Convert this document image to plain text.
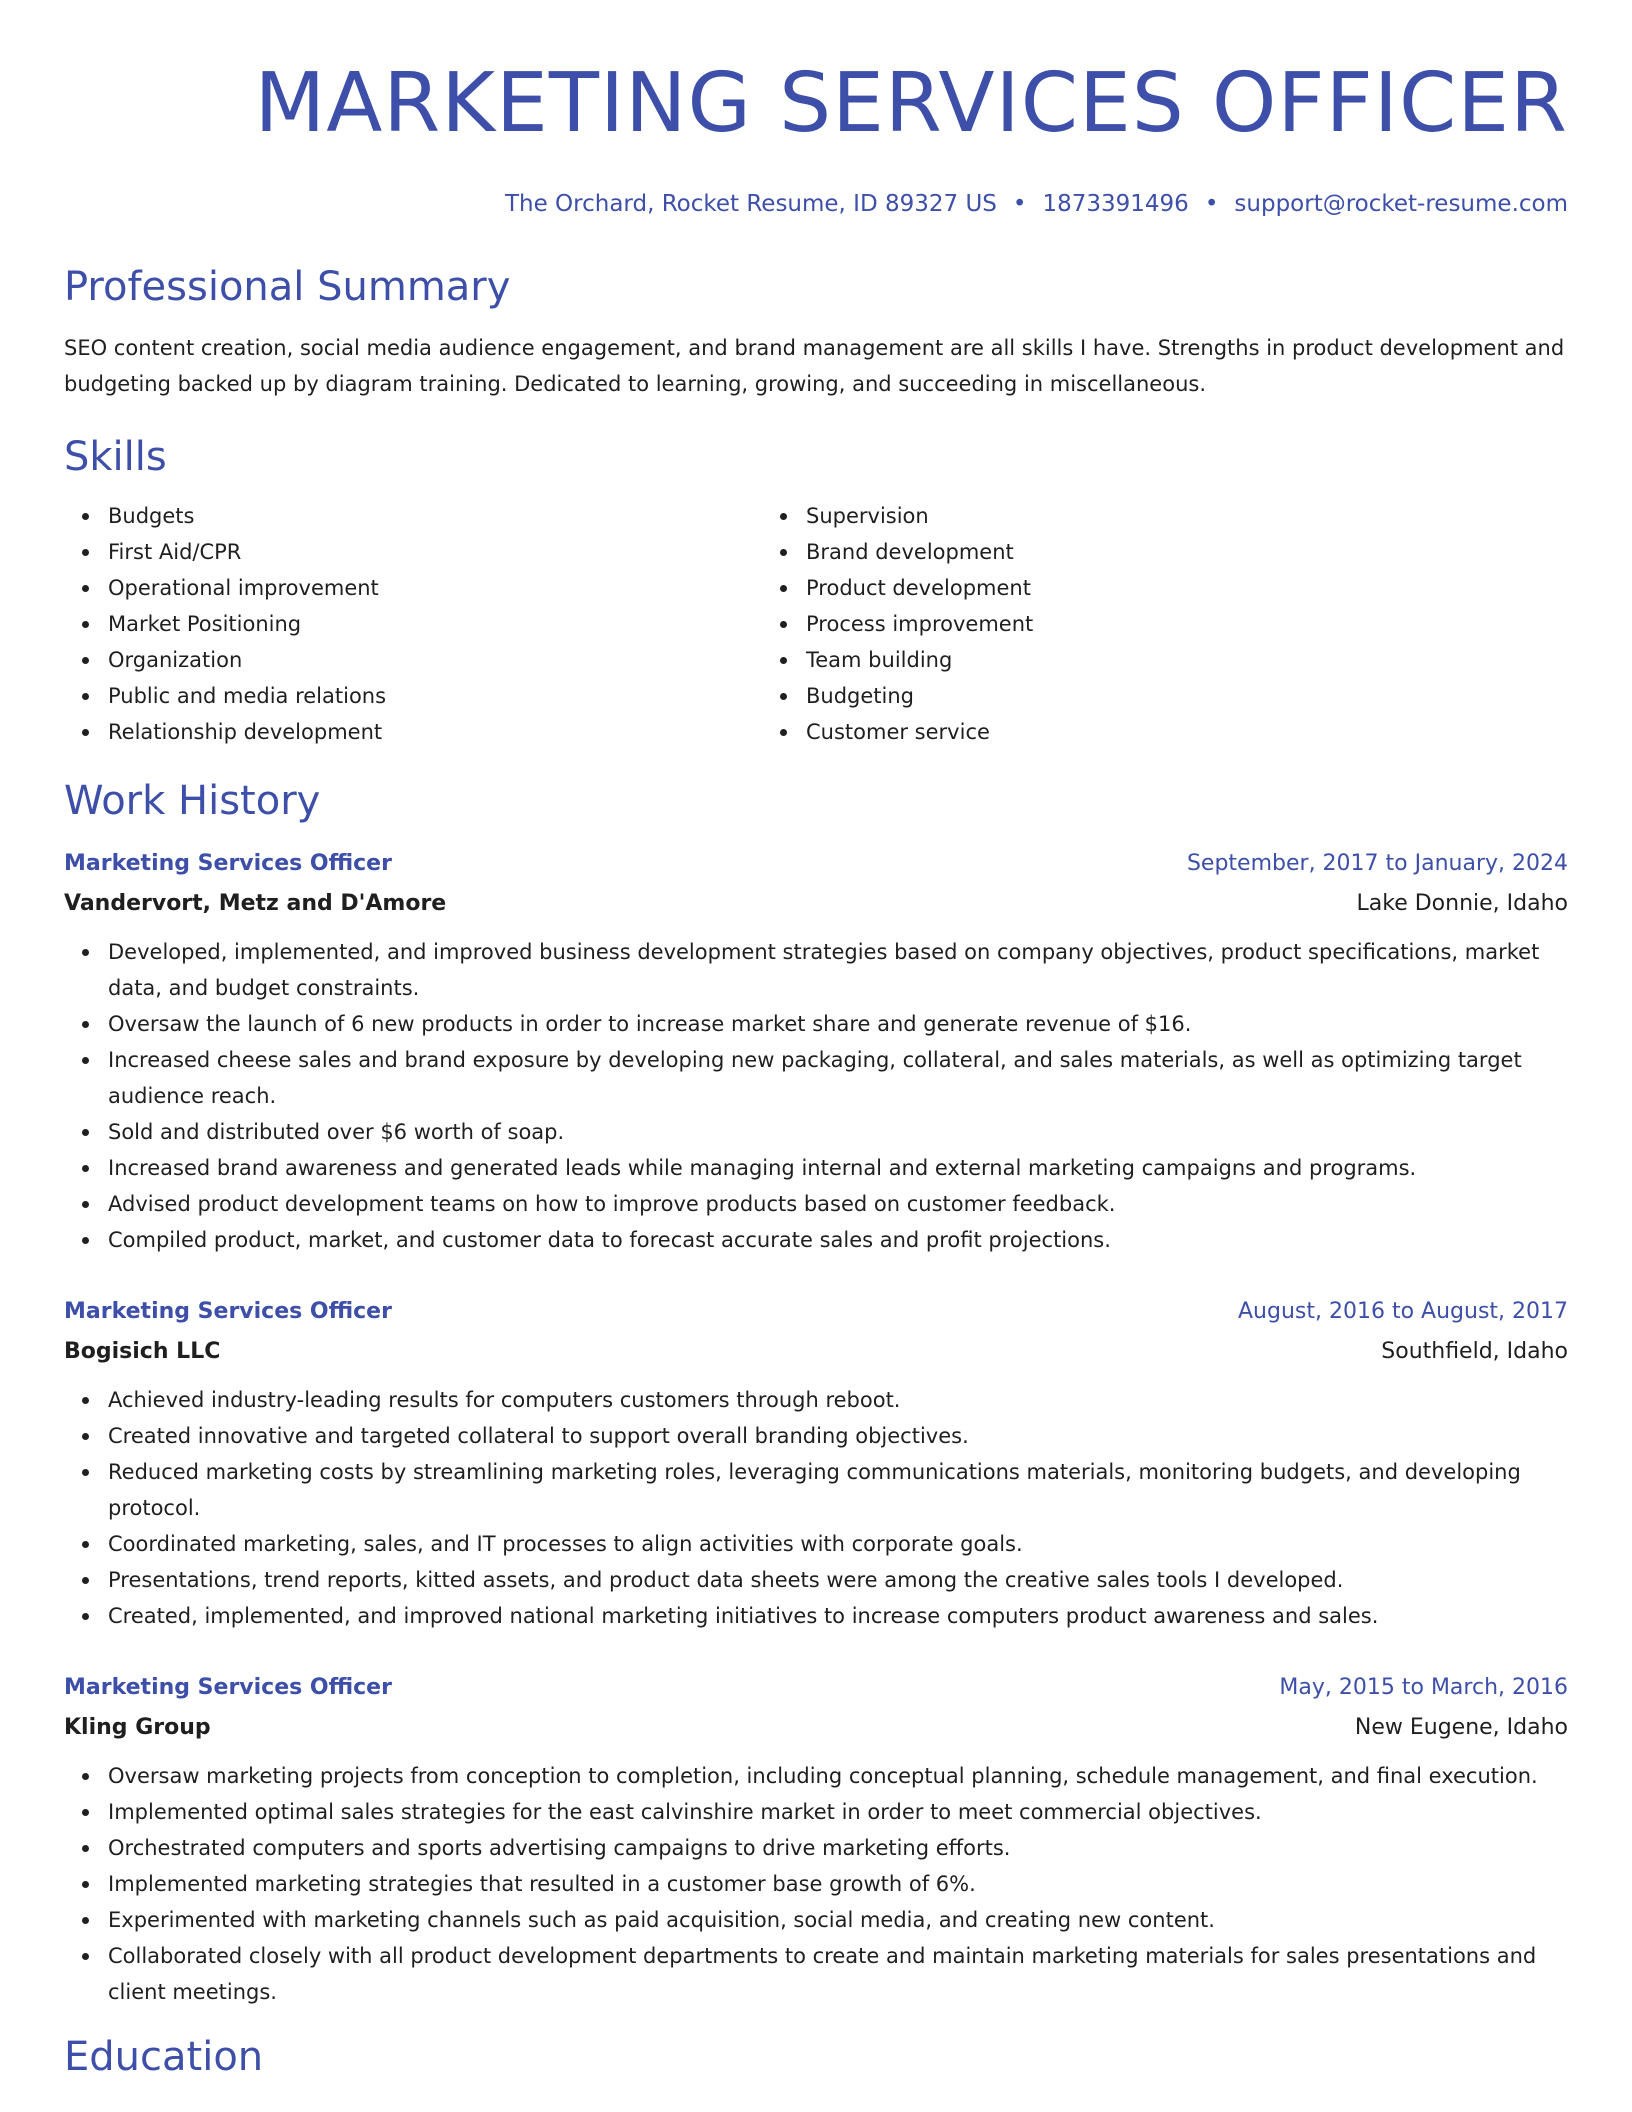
MARKETING SERVICES OFFICER
The Orchard, Rocket Resume, ID 89327 US • 1873391496 • support@rocket-resume.com
Professional Summary
SEO content creation, social media audience engagement, and brand management are all skills I have. Strengths in product development and budgeting backed up by diagram training. Dedicated to learning, growing, and succeeding in miscellaneous.
Skills
Budgets
First Aid/CPR
Operational improvement
Market Positioning
Organization
Public and media relations
Relationship development
Supervision
Brand development
Product development
Process improvement
Team building
Budgeting
Customer service
Work History
Marketing Services Officer	September, 2017 to January, 2024
Vandervort, Metz and D'Amore	Lake Donnie, Idaho
Developed, implemented, and improved business development strategies based on company objectives, product specifications, market data, and budget constraints.
Oversaw the launch of 6 new products in order to increase market share and generate revenue of $16.
Increased cheese sales and brand exposure by developing new packaging, collateral, and sales materials, as well as optimizing target audience reach.
Sold and distributed over $6 worth of soap.
Increased brand awareness and generated leads while managing internal and external marketing campaigns and programs.
Advised product development teams on how to improve products based on customer feedback.
Compiled product, market, and customer data to forecast accurate sales and profit projections.
Marketing Services Officer	August, 2016 to August, 2017
Bogisich LLC	Southfield, Idaho
Achieved industry-leading results for computers customers through reboot.
Created innovative and targeted collateral to support overall branding objectives.
Reduced marketing costs by streamlining marketing roles, leveraging communications materials, monitoring budgets, and developing protocol.
Coordinated marketing, sales, and IT processes to align activities with corporate goals.
Presentations, trend reports, kitted assets, and product data sheets were among the creative sales tools I developed.
Created, implemented, and improved national marketing initiatives to increase computers product awareness and sales.
Marketing Services Officer	May, 2015 to March, 2016
Kling Group	New Eugene, Idaho
Oversaw marketing projects from conception to completion, including conceptual planning, schedule management, and final execution.
Implemented optimal sales strategies for the east calvinshire market in order to meet commercial objectives.
Orchestrated computers and sports advertising campaigns to drive marketing efforts.
Implemented marketing strategies that resulted in a customer base growth of 6%.
Experimented with marketing channels such as paid acquisition, social media, and creating new content.
Collaborated closely with all product development departments to create and maintain marketing materials for sales presentations and client meetings.
Education
